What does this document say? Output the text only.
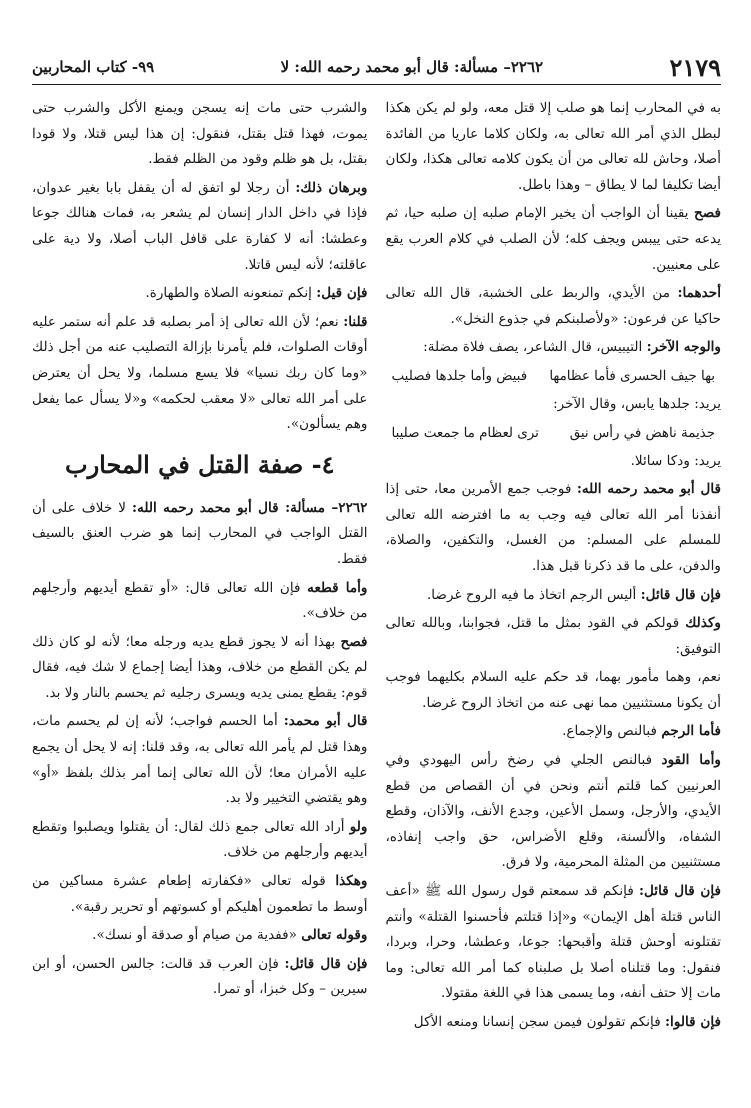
٢١٧٩
٢٢٦٢– مسألة: قال أبو محمد رحمه الله: لا
٩٩- كتاب المحاربين

به في المحارب إنما هو صلب إلا قتل معه، ولو لم يكن هكذا لبطل الذي أمر الله تعالى به، ولكان كلاما عاريا من الفائدة أصلا، وحاش لله تعالى من أن يكون كلامه تعالى هكذا، ولكان أيضا تكليفا لما لا يطاق – وهذا باطل.

فصح يقينا أن الواجب أن يخير الإمام صلبه إن صلبه حيا، ثم يدعه حتى ييبس ويجف كله؛ لأن الصلب في كلام العرب يقع على معنيين.

أحدهما: من الأيدي، والربط على الخشبة، قال الله تعالى حاكيا عن فرعون: «ولأصلبنكم في جذوع النخل».

والوجه الآخر: التيبيس، قال الشاعر، يصف فلاة مضلة:

بها جيف الحسرى فأما عظامها
فبيض وأما جلدها فصليب

يريد: جلدها يابس، وقال الآخر:

جذيمة ناهض في رأس نيق
ترى لعظام ما جمعت صليبا

يريد: ودكا سائلا.

قال أبو محمد رحمه الله: فوجب جمع الأمرين معا، حتى إذا أنفذنا أمر الله تعالى فيه وجب به ما افترضه الله تعالى للمسلم على المسلم: من الغسل، والتكفين، والصلاة، والدفن، على ما قد ذكرنا قبل هذا.

فإن قال قائل: أليس الرجم اتخاذ ما فيه الروح غرضا.

وكذلك قولكم في القود بمثل ما قتل، فجوابنا، وبالله تعالى التوفيق:

نعم، وهما مأمور بهما، قد حكم عليه السلام بكليهما فوجب أن يكونا مستثنيين مما نهى عنه من اتخاذ الروح غرضا.

فأما الرجم فبالنص والإجماع.

وأما القود فبالنص الجلي في رضخ رأس اليهودي وفي العرنيين كما قلتم أنتم ونحن في أن القصاص من قطع الأيدي، والأرجل، وسمل الأعين، وجدع الأنف، والآذان، وقطع الشفاه، والألسنة، وقلع الأضراس، حق واجب إنفاذه، مستثنيين من المثلة المحرمية، ولا فرق.

فإن قال قائل: فإنكم قد سمعتم قول رسول الله ﷺ «أعف الناس قتلة أهل الإيمان» و«إذا قتلتم فأحسنوا القتلة» وأنتم تقتلونه أوحش قتلة وأقبحها: جوعا، وعطشا، وحرا، وبردا، فنقول: وما قتلناه أصلا بل صلبناه كما أمر الله تعالى: وما مات إلا حتف أنفه، وما يسمى هذا في اللغة مقتولا.

فإن قالوا: فإنكم تقولون فيمن سجن إنسانا ومنعه الأكل

والشرب حتى مات إنه يسجن ويمنع الأكل والشرب حتى يموت، فهذا قتل بقتل، فنقول: إن هذا ليس قتلا، ولا قودا بقتل، بل هو ظلم وقود من الظلم فقط.

وبرهان ذلك: أن رجلا لو اتفق له أن يقفل بابا بغير عدوان، فإذا في داخل الدار إنسان لم يشعر به، فمات هنالك جوعا وعطشا: أنه لا كفارة على قافل الباب أصلا، ولا دية على عاقلته؛ لأنه ليس قاتلا.

فإن قيل: إنكم تمنعونه الصلاة والطهارة.

قلنا: نعم؛ لأن الله تعالى إذ أمر بصلبه قد علم أنه ستمر عليه أوقات الصلوات، فلم يأمرنا بإزالة التصليب عنه من أجل ذلك «وما كان ربك نسيا» فلا يسع مسلما، ولا يحل أن يعترض على أمر الله تعالى «لا معقب لحكمه» و«لا يسأل عما يفعل وهم يسألون».

٤- صفة القتل في المحارب

٢٢٦٢– مسألة: قال أبو محمد رحمه الله: لا خلاف على أن القتل الواجب في المحارب إنما هو ضرب العنق بالسيف فقط.

وأما قطعه فإن الله تعالى قال: «أو تقطع أيديهم وأرجلهم من خلاف».

فصح بهذا أنه لا يجوز قطع يديه ورجله معا؛ لأنه لو كان ذلك لم يكن القطع من خلاف، وهذا أيضا إجماع لا شك فيه، فقال قوم: يقطع يمنى يديه ويسرى رجليه ثم يحسم بالنار ولا بد.

قال أبو محمد: أما الحسم فواجب؛ لأنه إن لم يحسم مات، وهذا قتل لم يأمر الله تعالى به، وقد قلنا: إنه لا يحل أن يجمع عليه الأمران معا؛ لأن الله تعالى إنما أمر بذلك بلفظ «أو» وهو يقتضي التخيير ولا بد.

ولو أراد الله تعالى جمع ذلك لقال: أن يقتلوا ويصلبوا وتقطع أيديهم وأرجلهم من خلاف.

وهكذا قوله تعالى «فكفارته إطعام عشرة مساكين من أوسط ما تطعمون أهليكم أو كسوتهم أو تحرير رقبة».

وقوله تعالى «ففدية من صيام أو صدقة أو نسك».

فإن قال قائل: فإن العرب قد قالت: جالس الحسن، أو ابن سيرين – وكل خبزا، أو تمرا.
